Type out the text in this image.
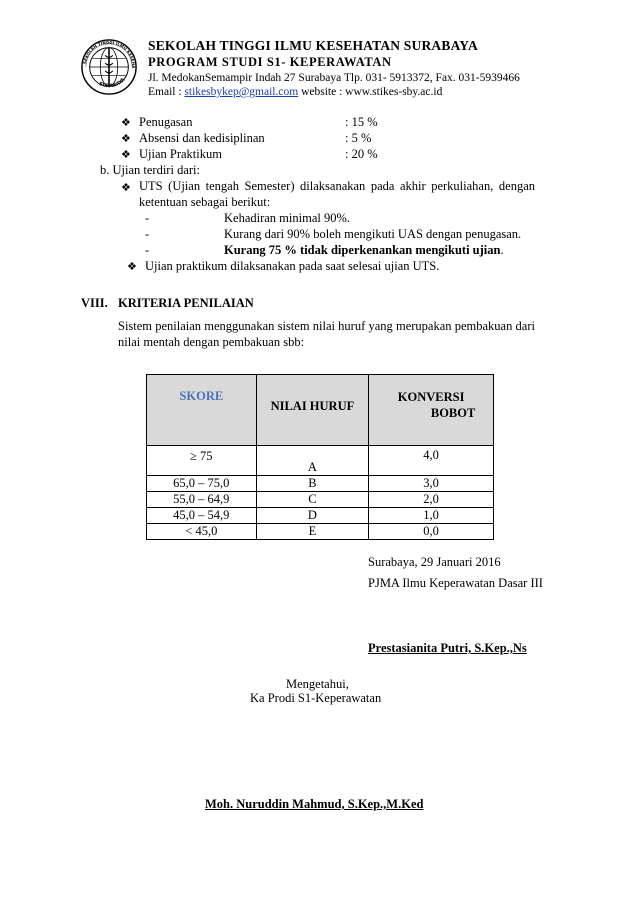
SEKOLAH TINGGI ILMU KESEHA
SURABAYA
SEKOLAH TINGGI ILMU KESEHATAN SURABAYA
PROGRAM STUDI S1- KEPERAWATAN
Jl. MedokanSemampir Indah 27 Surabaya Tlp. 031- 5913372, Fax. 031-5939466
Email : stikesbykep@gmail.com website : www.stikes-sby.ac.id
❖ Penugasan	: 15 %
❖ Absensi dan kedisiplinan	: 5 %
❖ Ujian Praktikum	: 20 %
b. Ujian terdiri dari:
❖ UTS (Ujian tengah Semester) dilaksanakan pada akhir perkuliahan, dengan
ketentuan sebagai berikut:
-	Kehadiran minimal 90%.
-	Kurang dari 90% boleh mengikuti UAS dengan penugasan.
-	Kurang 75 % tidak diperkenankan mengikuti ujian.
❖ Ujian praktikum dilaksanakan pada saat selesai ujian UTS.
VIII. KRITERIA PENILAIAN
Sistem penilaian menggunakan sistem nilai huruf yang merupakan pembakuan dari
nilai mentah dengan pembakuan sbb:
SKORE	NILAI HURUF	KONVERSI
BOBOT

≥ 75	A	4,0
65,0 – 75,0	B	3,0
55,0 – 64,9	C	2,0
45,0 – 54,9	D	1,0
< 45,0	E	0,0
Surabaya, 29 Januari 2016
PJMA Ilmu Keperawatan Dasar III
Prestasianita Putri, S.Kep.,Ns
Mengetahui,
Ka Prodi S1-Keperawatan
Moh. Nuruddin Mahmud, S.Kep.,M.Ked
